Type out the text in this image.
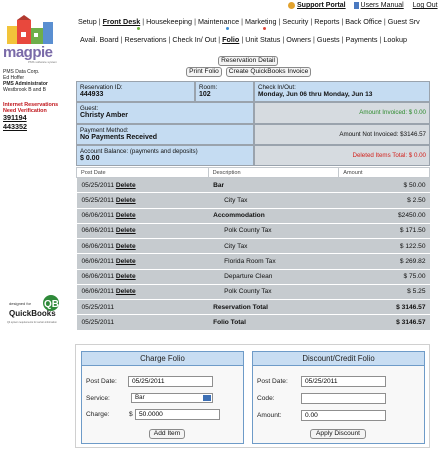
Support Portal Users Manual Log Out
magpie
PMS software system
PMS Data Corp.
Ed Hoffer
PMS Administrator
Westbrook B and B
Internet Reservations
Need Verification
391194
443352
designed for QB
QuickBooks
Qb system requirements for certain information
Setup | Front Desk | Housekeeping | Maintenance | Marketing | Security | Reports | Back Office | Guest Srv
Avail. Board | Reservations | Check In/ Out | Folio | Unit Status | Owners | Guests | Payments | Lookup
Reservation Detail
Print Folio	Create QuickBooks Invoice
Reservation ID:
444933
Room:
102
Check In/Out:
Monday, Jun 06 thru Monday, Jun 13
Guest:
Christy Amber	Amount Invoiced: $ 0.00
Payment Method:
No Payments Received	Amount Not Invoiced: $3146.57
Account Balance: (payments and deposits)
$ 0.00	Deleted Items Total: $ 0.00
Post Date	Description	Amount
05/25/2011 Delete	Bar	$ 50.00
05/25/2011 Delete	City Tax	$ 2.50
06/06/2011 Delete	Accommodation	$2450.00
06/06/2011 Delete	Polk County Tax	$ 171.50
06/06/2011 Delete	City Tax	$ 122.50
06/06/2011 Delete	Florida Room Tax	$ 269.82
06/06/2011 Delete	Departure Clean	$ 75.00
06/06/2011 Delete	Polk County Tax	$ 5.25
05/25/2011	Reservation Total	$ 3146.57
05/25/2011	Folio Total	$ 3146.57
Charge Folio
Post Date:
05/25/2011
Service:	Bar
Charge:	$
50.0000
Add Item
Discount/Credit Folio
Post Date:
05/25/2011
Code:
Amount:
0.00
Apply Discount
